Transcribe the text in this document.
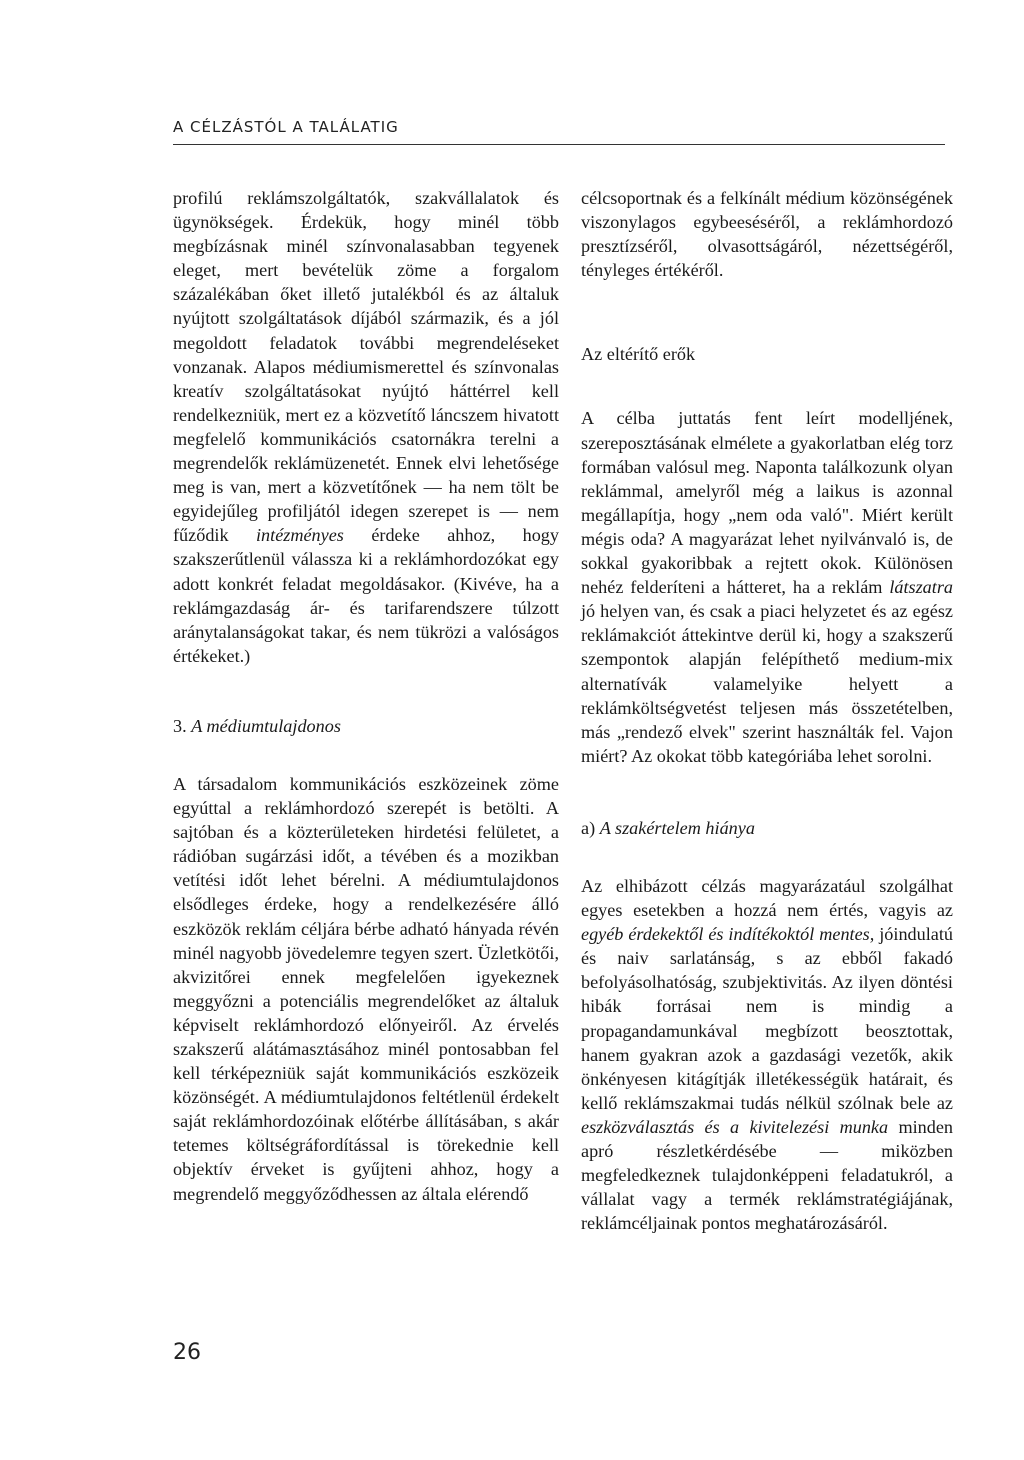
A CÉLZÁSTÓL A TALÁLATIG

profilú reklámszolgáltatók, szakvállalatok és ügynökségek. Érdekük, hogy minél több megbízásnak minél színvonalasabban tegyenek eleget, mert bevételük zöme a forgalom százalékában őket illető jutalékból és az általuk nyújtott szolgáltatások díjából származik, és a jól megoldott feladatok további megrendeléseket vonzanak. Alapos médiumismerettel és színvonalas kreatív szolgáltatásokat nyújtó háttérrel kell rendelkezniük, mert ez a közvetítő láncszem hivatott megfelelő kommunikációs csatornákra terelni a megrendelők reklámüzenetét. Ennek elvi lehetősége meg is van, mert a közvetítőnek — ha nem tölt be egyidejűleg profiljától idegen szerepet is — nem fűződik intézményes érdeke ahhoz, hogy szakszerűtlenül válassza ki a reklámhordozókat egy adott konkrét feladat megoldásakor. (Kivéve, ha a reklámgazdaság ár- és tarifarendszere túlzott aránytalanságokat takar, és nem tükrözi a valóságos értékeket.)

3. A médiumtulajdonos

A társadalom kommunikációs eszközeinek zöme egyúttal a reklámhordozó szerepét is betölti. A sajtóban és a közterületeken hirdetési felületet, a rádióban sugárzási időt, a tévében és a mozikban vetítési időt lehet bérelni. A médiumtulajdonos elsődleges érdeke, hogy a rendelkezésére álló eszközök reklám céljára bérbe adható hányada révén minél nagyobb jövedelemre tegyen szert. Üzletkötői, akvizitőrei ennek megfelelően igyekeznek meggyőzni a potenciális megrendelőket az általuk képviselt reklámhordozó előnyeiről. Az érvelés szakszerű alátámasztásához minél pontosabban fel kell térképezniük saját kommunikációs eszközeik közönségét. A médiumtulajdonos feltétlenül érdekelt saját reklámhordozóinak előtérbe állításában, s akár tetemes költségráfordítással is törekednie kell objektív érveket is gyűjteni ahhoz, hogy a megrendelő meggyőződhessen az általa elérendő

célcsoportnak és a felkínált médium közönségének viszonylagos egybeeséséről, a reklámhordozó presztízséről, olvasottságáról, nézettségéről, tényleges értékéről.

Az eltérítő erők

A célba juttatás fent leírt modelljének, szereposztásának elmélete a gyakorlatban elég torz formában valósul meg. Naponta találkozunk olyan reklámmal, amelyről még a laikus is azonnal megállapítja, hogy „nem oda való". Miért került mégis oda? A magyarázat lehet nyilvánvaló is, de sokkal gyakoribbak a rejtett okok. Különösen nehéz felderíteni a hátteret, ha a reklám látszatra jó helyen van, és csak a piaci helyzetet és az egész reklámakciót áttekintve derül ki, hogy a szakszerű szempontok alapján felépíthető medium-mix alternatívák valamelyike helyett a reklámköltségvetést teljesen más összetételben, más „rendező elvek" szerint használták fel. Vajon miért? Az okokat több kategóriába lehet sorolni.

a) A szakértelem hiánya

Az elhibázott célzás magyarázatául szolgálhat egyes esetekben a hozzá nem értés, vagyis az egyéb érdekektől és indítékoktól mentes, jóindulatú és naiv sarlatánság, s az ebből fakadó befolyásolhatóság, szubjektivitás. Az ilyen döntési hibák forrásai nem is mindig a propagandamunkával megbízott beosztottak, hanem gyakran azok a gazdasági vezetők, akik önkényesen kitágítják illetékességük határait, és kellő reklámszakmai tudás nélkül szólnak bele az eszközválasztás és a kivitelezési munka minden apró részletkérdésébe — miközben megfeledkeznek tulajdonképpeni feladatukról, a vállalat vagy a termék reklámstratégiájának, reklámcéljainak pontos meghatározásáról.

26
